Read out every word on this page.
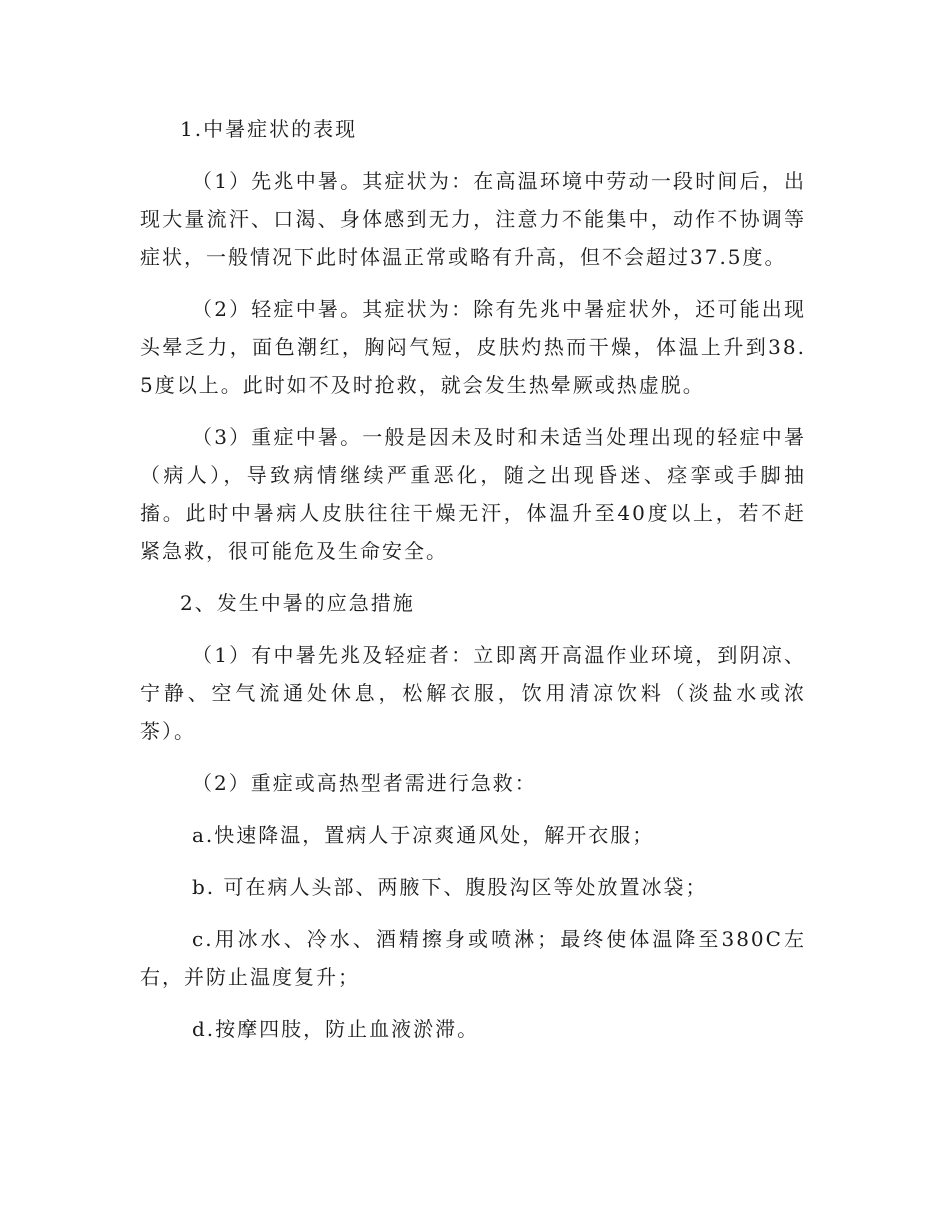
1.中暑症状的表现

（1）先兆中暑。其症状为：在高温环境中劳动一段时间后，出现大量流汗、口渴、身体感到无力，注意力不能集中，动作不协调等症状，一般情况下此时体温正常或略有升高，但不会超过37.5度。

（2）轻症中暑。其症状为：除有先兆中暑症状外，还可能出现头晕乏力，面色潮红，胸闷气短，皮肤灼热而干燥，体温上升到38.5度以上。此时如不及时抢救，就会发生热晕厥或热虚脱。

（3）重症中暑。一般是因未及时和未适当处理出现的轻症中暑（病人），导致病情继续严重恶化，随之出现昏迷、痉挛或手脚抽搐。此时中暑病人皮肤往往干燥无汗，体温升至40度以上，若不赶紧急救，很可能危及生命安全。

2、发生中暑的应急措施

（1）有中暑先兆及轻症者：立即离开高温作业环境，到阴凉、宁静、空气流通处休息，松解衣服，饮用清凉饮料（淡盐水或浓茶）。

（2）重症或高热型者需进行急救：

a.快速降温，置病人于凉爽通风处，解开衣服；

b. 可在病人头部、两腋下、腹股沟区等处放置冰袋；

c.用冰水、冷水、酒精擦身或喷淋；最终使体温降至380C左右，并防止温度复升；

d.按摩四肢，防止血液淤滞。
